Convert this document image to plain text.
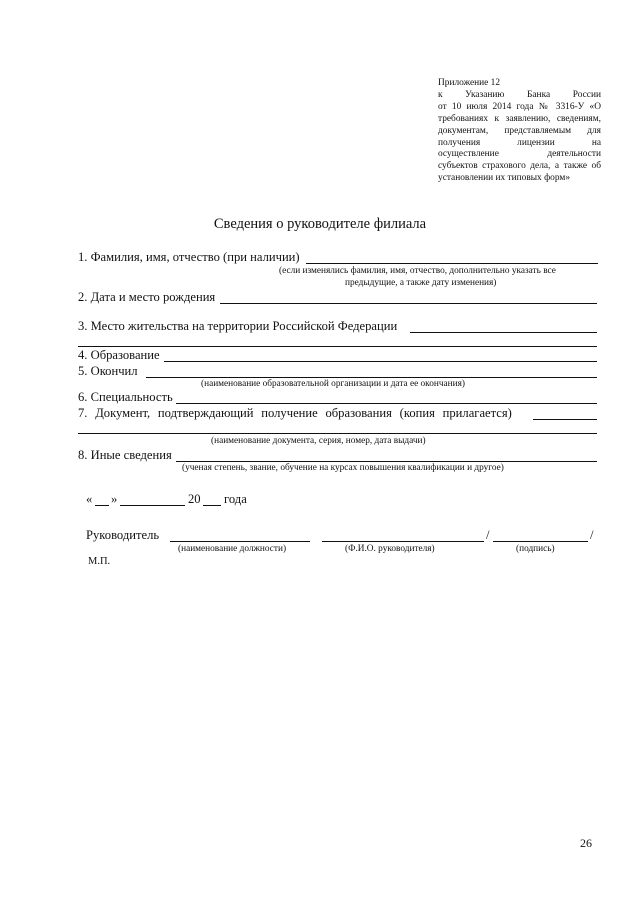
Приложение 12
к Указанию Банка России
от 10 июля 2014 года № 3316-У «О
требованиях к заявлению, сведениям,
документам, представляемым для
получения лицензии на
осуществление деятельности
субъектов страхового дела, а также об
установлении их типовых форм»
Сведения о руководителе филиала
1. Фамилия, имя, отчество (при наличии)
(если изменялись фамилия, имя, отчество, дополнительно указать все
предыдущие, а также дату изменения)
2. Дата и место рождения
3. Место жительства на территории Российской Федерации
4. Образование
5. Окончил
(наименование образовательной организации и дата ее окончания)
6. Специальность
7. Документ, подтверждающий получение образования (копия прилагается)
(наименование документа, серия, номер, дата выдачи)
8. Иные сведения
(ученая степень, звание, обучение на курсах повышения квалификации и другое)
« »	20 года
Руководитель	/	/
(наименование должности)	(Ф.И.О. руководителя)	(подпись)
М.П.
26
